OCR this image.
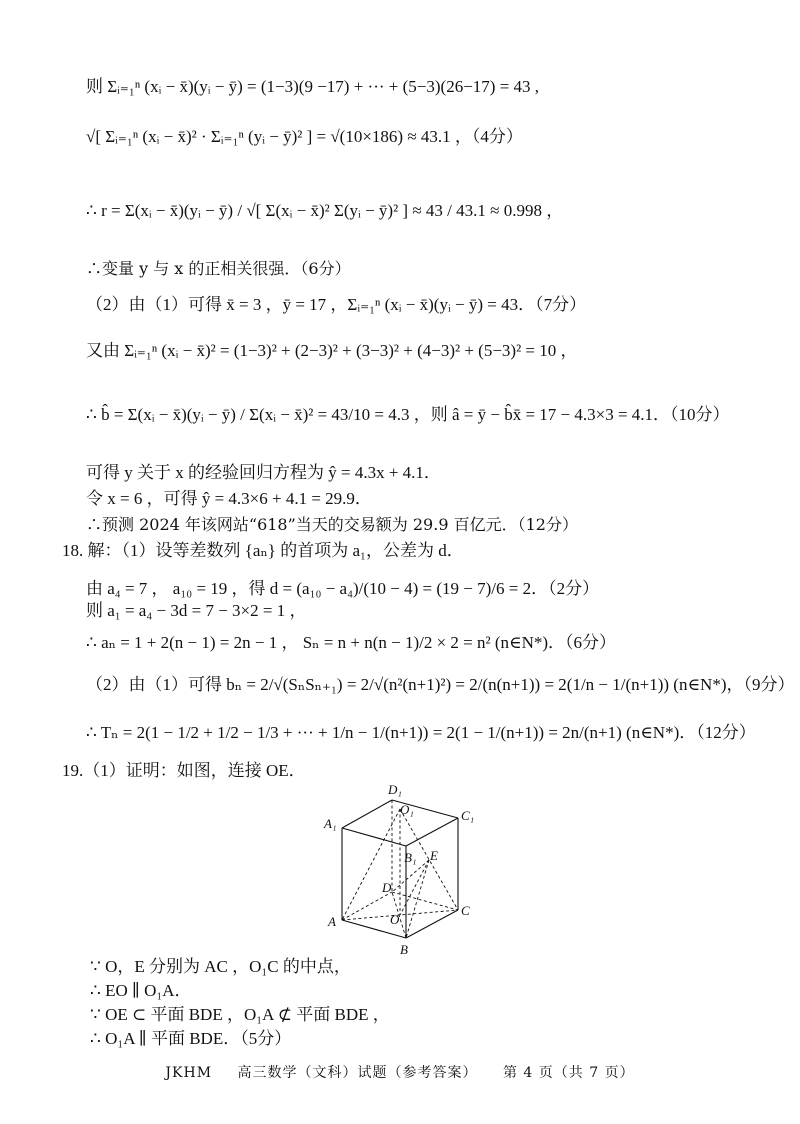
则 Σᵢ₌₁ⁿ (xᵢ − x̄)(yᵢ − ȳ) = (1−3)(9 −17) + ··· + (5−3)(26−17) = 43 ,
√[ Σᵢ₌₁ⁿ (xᵢ − x̄)² · Σᵢ₌₁ⁿ (yᵢ − ȳ)² ] = √(10×186) ≈ 43.1 ，（4分）
∴ r = Σ(xᵢ − x̄)(yᵢ − ȳ) / √[ Σ(xᵢ − x̄)² Σ(yᵢ − ȳ)² ] ≈ 43 / 43.1 ≈ 0.998 ，
∴变量 y 与 x 的正相关很强．（6分）
（2）由（1）可得 x̄ = 3 ，ȳ = 17 ，Σᵢ₌₁ⁿ (xᵢ − x̄)(yᵢ − ȳ) = 43．（7分）
又由 Σᵢ₌₁ⁿ (xᵢ − x̄)² = (1−3)² + (2−3)² + (3−3)² + (4−3)² + (5−3)² = 10 ，
∴ b̂ = Σ(xᵢ − x̄)(yᵢ − ȳ) / Σ(xᵢ − x̄)² = 43/10 = 4.3 ，则 â = ȳ − b̂x̄ = 17 − 4.3×3 = 4.1．（10分）
可得 y 关于 x 的经验回归方程为 ŷ = 4.3x + 4.1．
令 x = 6 ，可得 ŷ = 4.3×6 + 4.1 = 29.9．
∴预测 2024 年该网站“618”当天的交易额为 29.9 百亿元．（12分）
18. 解：（1）设等差数列 {aₙ} 的首项为 a₁，公差为 d．
由 a₄ = 7 ， a₁₀ = 19 ，得 d = (a₁₀ − a₄)/(10 − 4) = (19 − 7)/6 = 2．（2分）
则 a₁ = a₄ − 3d = 7 − 3×2 = 1 ，
∴ aₙ = 1 + 2(n − 1) = 2n − 1 ， Sₙ = n + n(n − 1)/2 × 2 = n² (n∈N*)．（6分）
（2）由（1）可得 bₙ = 2/√(SₙSₙ₊₁) = 2/√(n²(n+1)²) = 2/(n(n+1)) = 2(1/n − 1/(n+1)) (n∈N*)，（9分）
∴ Tₙ = 2(1 − 1/2 + 1/2 − 1/3 + ··· + 1/n − 1/(n+1)) = 2(1 − 1/(n+1)) = 2n/(n+1) (n∈N*)．（12分）
19.（1）证明：如图，连接 OE．
D₁
O₁	C₁
A₁
B₁ E
D
A
C
O
B
∵ O，E 分别为 AC ，O₁C 的中点，
∴ EO ∥ O₁A．
∵ OE ⊂ 平面 BDE ，O₁A ⊄ 平面 BDE ，
∴ O₁A ∥ 平面 BDE．（5分）
JKHM 高三数学（文科）试题（参考答案） 第 4 页（共 7 页）
